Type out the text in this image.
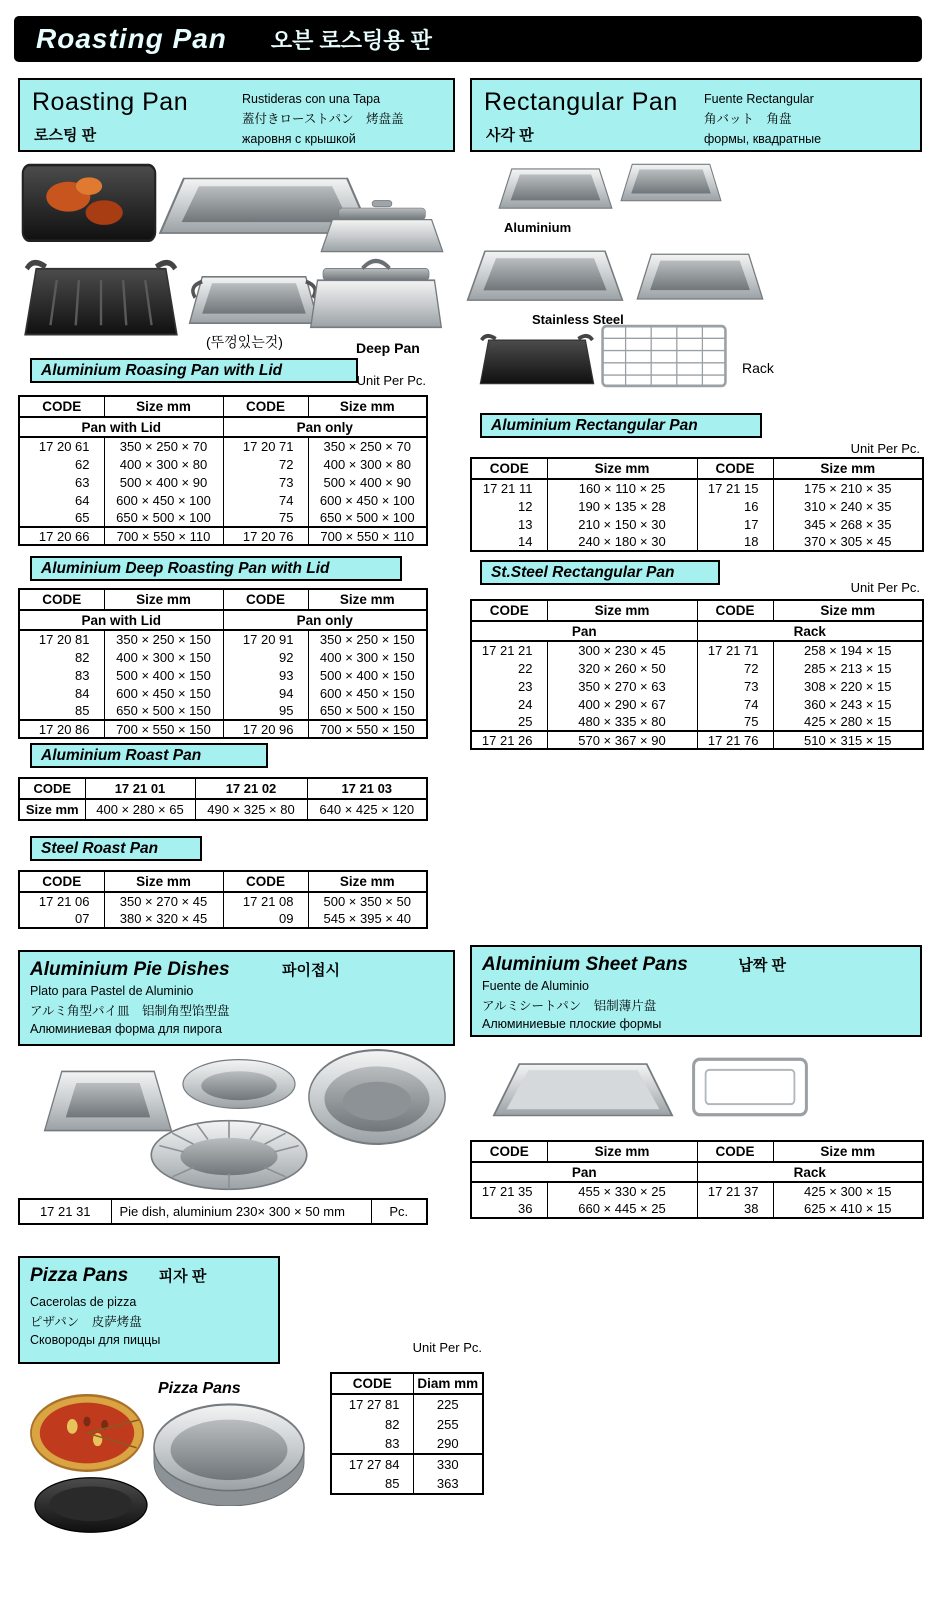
Roasting Pan	오븐 로스팅용 판
Roasting Pan
로스팅 판
Rustideras con una Tapa
蓋付きローストパン　烤盘盖
жаровня с крышкой
Rectangular Pan
사각 판
Fuente Rectangular
角バット　角盘
формы, квадратные
(뚜껑있는것)	Deep Pan
Aluminium Roasing Pan with Lid
Unit Per Pc.
CODE	Size mm	CODE	Size mm
Pan with Lid		Pan only	
17 20 61	350 × 250 × 70	17 20 71	350 × 250 × 70
62	400 × 300 × 80	72	400 × 300 × 80
63	500 × 400 × 90	73	500 × 400 × 90
64	600 × 450 × 100	74	600 × 450 × 100
65	650 × 500 × 100	75	650 × 500 × 100
17 20 66	700 × 550 × 110	17 20 76	700 × 550 × 110
Aluminium Deep Roasting Pan with Lid
CODE	Size mm	CODE	Size mm
Pan with Lid		Pan only	
17 20 81	350 × 250 × 150	17 20 91	350 × 250 × 150
82	400 × 300 × 150	92	400 × 300 × 150
83	500 × 400 × 150	93	500 × 400 × 150
84	600 × 450 × 150	94	600 × 450 × 150
85	650 × 500 × 150	95	650 × 500 × 150
17 20 86	700 × 550 × 150	17 20 96	700 × 550 × 150
Aluminium Roast Pan
CODE	17 21 01	17 21 02	17 21 03
Size mm	400 × 280 × 65	490 × 325 × 80	640 × 425 × 120
Steel Roast Pan
CODE	Size mm	CODE	Size mm
17 21 06	350 × 270 × 45	17 21 08	500 × 350 × 50
07	380 × 320 × 45	09	545 × 395 × 40
Aluminium
Stainless Steel
Rack
Aluminium Rectangular Pan
Unit Per Pc.
CODE	Size mm	CODE	Size mm
17 21 11	160 × 110 × 25	17 21 15	175 × 210 × 35
12	190 × 135 × 28	16	310 × 240 × 35
13	210 × 150 × 30	17	345 × 268 × 35
14	240 × 180 × 30	18	370 × 305 × 45
St.Steel Rectangular Pan
Unit Per Pc.
CODE	Size mm	CODE	Size mm
Pan		Rack	
17 21 21	300 × 230 × 45	17 21 71	258 × 194 × 15
22	320 × 260 × 50	72	285 × 213 × 15
23	350 × 270 × 63	73	308 × 220 × 15
24	400 × 290 × 67	74	360 × 243 × 15
25	480 × 335 × 80	75	425 × 280 × 15
17 21 26	570 × 367 × 90	17 21 76	510 × 315 × 15
Aluminium Pie Dishes	파이접시
Plato para Pastel de Aluminio
アルミ角型パイ皿　铝制角型馅型盘
Алюминиевая форма для пирога
17 21 31	Pie dish, aluminium 230× 300 × 50 mm	Pc.
Aluminium Sheet Pans	납짝 판
Fuente de Aluminio
アルミシートパン　铝制薄片盘
Алюминиевые плоские формы
CODE	Size mm	CODE	Size mm
Pan		Rack	
17 21 35	455 × 330 × 25	17 21 37	425 × 300 × 15
36	660 × 445 × 25	38	625 × 410 × 15
Pizza Pans 피자 판
Cacerolas de pizza
ピザパン　皮萨烤盘
Сковороды для пиццы
Pizza Pans
Unit Per Pc.
CODE	Diam mm
17 27 81	225
82	255
83	290
17 27 84	330
85	363
